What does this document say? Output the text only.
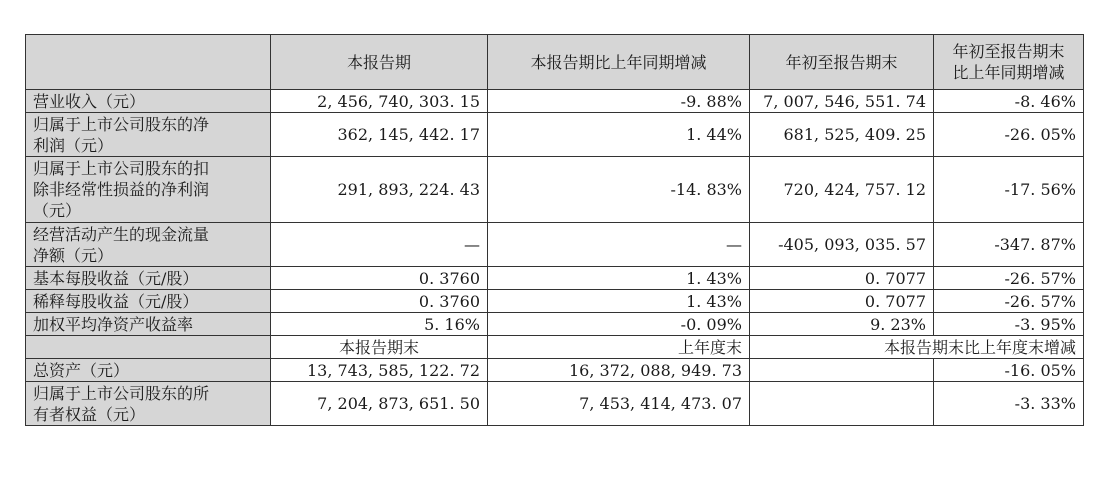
	本报告期	本报告期比上年同期增减	年初至报告期末	年初至报告期末
比上年同期增减

营业收入（元）	2, 456, 740, 303. 15	-9. 88%	7, 007, 546, 551. 74	-8. 46%

归属于上市公司股东的净
利润（元）	362, 145, 442. 17	1. 44%	681, 525, 409. 25	-26. 05%

归属于上市公司股东的扣
除非经常性损益的净利润
（元）	291, 893, 224. 43	-14. 83%	720, 424, 757. 12	-17. 56%

经营活动产生的现金流量
净额（元）	—	—	-405, 093, 035. 57	-347. 87%

基本每股收益（元/股）	0. 3760	1. 43%	0. 7077	-26. 57%

稀释每股收益（元/股）	0. 3760	1. 43%	0. 7077	-26. 57%

加权平均净资产收益率	5. 16%	-0. 09%	9. 23%	-3. 95%
	本报告期末	上年度末	本报告期末比上年度末增减	

总资产（元）	13, 743, 585, 122. 72	16, 372, 088, 949. 73		-16. 05%

归属于上市公司股东的所
有者权益（元）	7, 204, 873, 651. 50	7, 453, 414, 473. 07		-3. 33%
